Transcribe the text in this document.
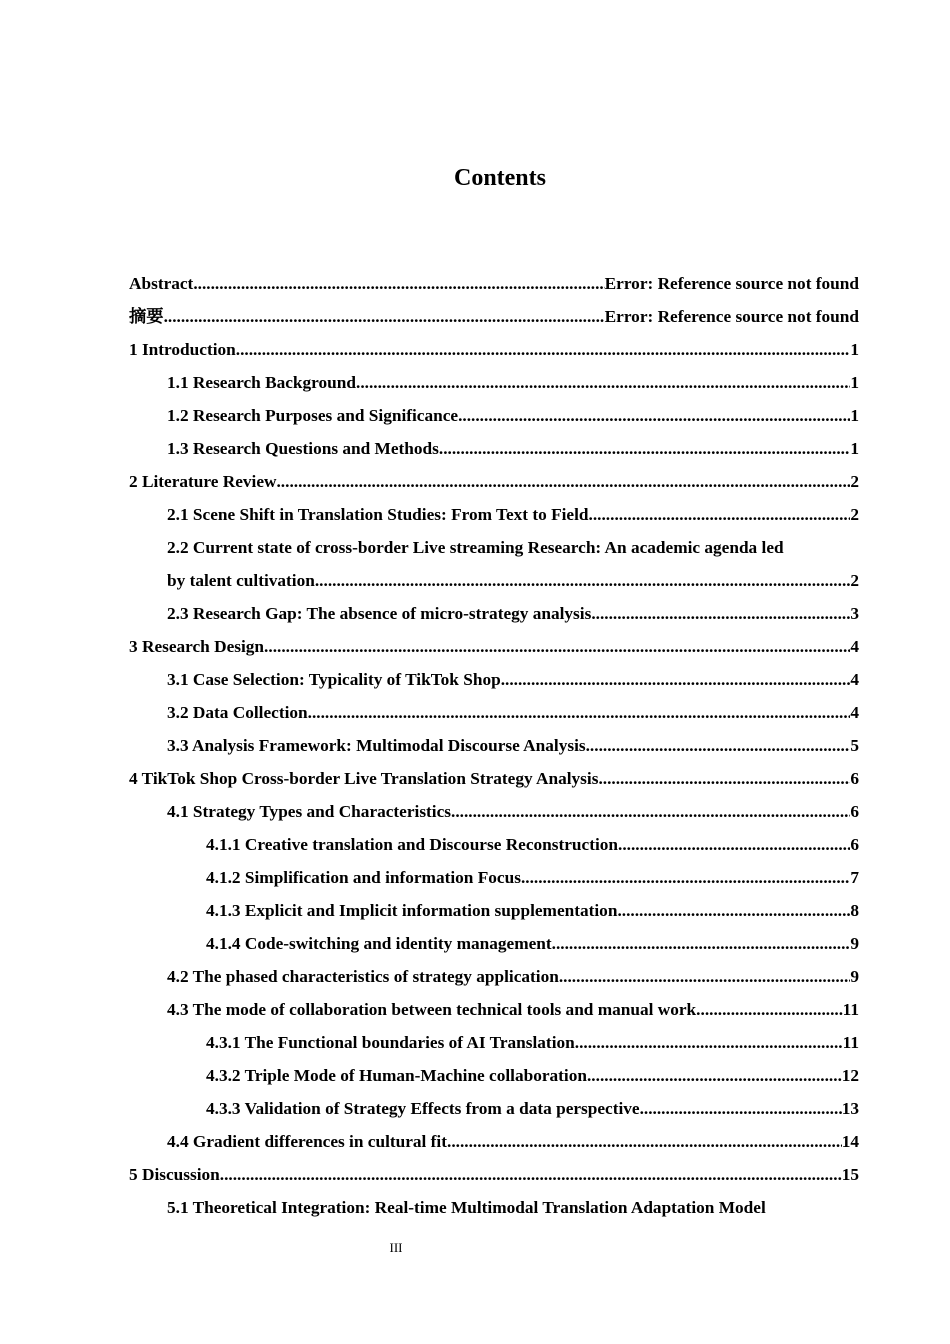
Contents
Abstract .....	Error: Reference source not found
摘要 .....	Error: Reference source not found
1 Introduction .....	1
1.1 Research Background .....	1
1.2 Research Purposes and Significance .....	1
1.3 Research Questions and Methods .....	1
2 Literature Review .....	2
2.1 Scene Shift in Translation Studies: From Text to Field .....	2
2.2 Current state of cross-border Live streaming Research: An academic agenda led
by talent cultivation .....	2
2.3 Research Gap: The absence of micro-strategy analysis .....	3
3 Research Design .....	4
3.1 Case Selection: Typicality of TikTok Shop .....	4
3.2 Data Collection .....	4
3.3 Analysis Framework: Multimodal Discourse Analysis .....	5
4 TikTok Shop Cross-border Live Translation Strategy Analysis .....	6
4.1 Strategy Types and Characteristics .....	6
4.1.1 Creative translation and Discourse Reconstruction .....	6
4.1.2 Simplification and information Focus .....	7
4.1.3 Explicit and Implicit information supplementation .....	8
4.1.4 Code-switching and identity management .....	9
4.2 The phased characteristics of strategy application .....	9
4.3 The mode of collaboration between technical tools and manual work .....	11
4.3.1 The Functional boundaries of AI Translation .....	11
4.3.2 Triple Mode of Human-Machine collaboration .....	12
4.3.3 Validation of Strategy Effects from a data perspective .....	13
4.4 Gradient differences in cultural fit .....	14
5 Discussion .....	15
5.1 Theoretical Integration: Real-time Multimodal Translation Adaptation Model
III
